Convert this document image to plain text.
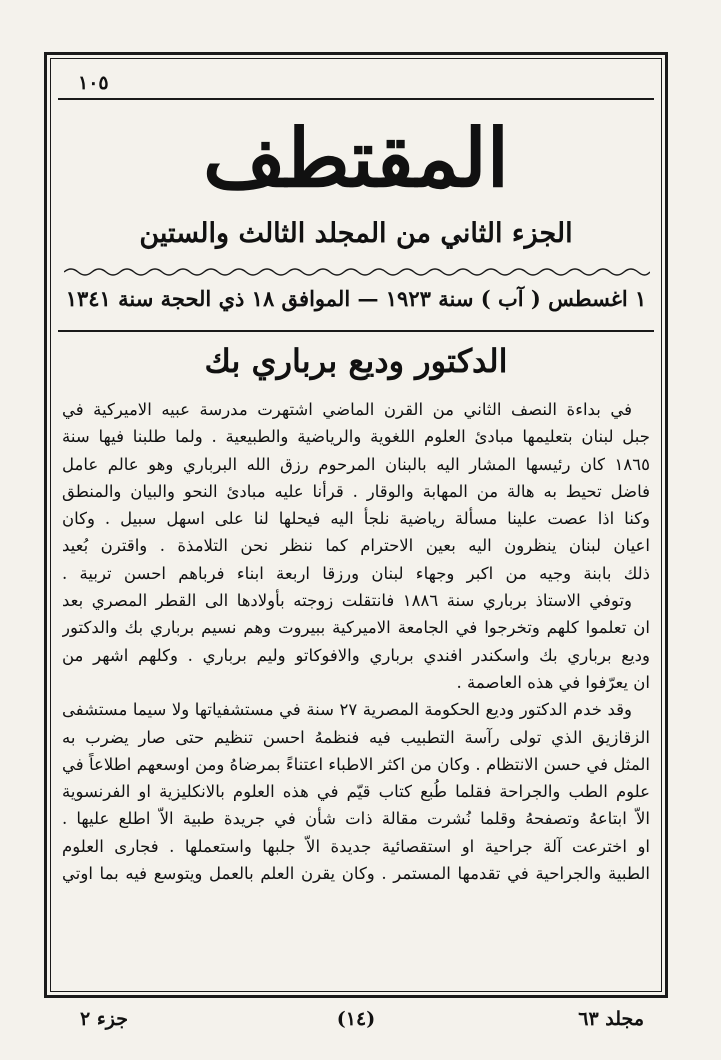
١٠٥
المقتطف
الجزء الثاني من المجلد الثالث والستين
١ اغسطس ( آب ) سنة ١٩٢٣ — الموافق ١٨ ذي الحجة سنة ١٣٤١
الدكتور وديع برباري بك
في بداءة النصف الثاني من القرن الماضي اشتهرت مدرسة عبيه الاميركية في
جبل لبنان بتعليمها مبادئ العلوم اللغوية والرياضية والطبيعية . ولما طلبنا فيها سنة
١٨٦٥ كان رئيسها المشار اليه بالبنان المرحوم رزق الله البرباري وهو عالم عامل
فاضل تحيط به هالة من المهابة والوقار . قرأنا عليه مبادئ النحو والبيان والمنطق
وكنا اذا عصت علينا مسألة رياضية نلجأ اليه فيحلها لنا على اسهل سبيل . وكان
اعيان لبنان ينظرون اليه بعين الاحترام كما ننظر نحن التلامذة . واقترن بُعيد
ذلك بابنة وجيه من اكبر وجهاء لبنان ورزقا اربعة ابناء فرباهم احسن تربية .
وتوفي الاستاذ برباري سنة ١٨٨٦ فانتقلت زوجته بأولادها الى القطر المصري بعد
ان تعلموا كلهم وتخرجوا في الجامعة الاميركية ببيروت وهم نسيم برباري بك والدكتور
وديع برباري بك واسكندر افندي برباري والافوكاتو وليم برباري . وكلهم اشهر من
ان يعرّفوا في هذه العاصمة .
وقد خدم الدكتور وديع الحكومة المصرية ٢٧ سنة في مستشفياتها ولا سيما مستشفى
الزقازيق الذي تولى رآسة التطبيب فيه فنظمهُ احسن تنظيم حتى صار يضرب به
المثل في حسن الانتظام . وكان من اكثر الاطباء اعتناءً بمرضاهُ ومن اوسعهم اطلاعاً في
علوم الطب والجراحة فقلما طُبع كتاب قيّم في هذه العلوم بالانكليزية او الفرنسوية
الاّ ابتاعهُ وتصفحهُ وقلما نُشرت مقالة ذات شأن في جريدة طبية الاّ اطلع عليها .
او اخترعت آلة جراحية او استقصائية جديدة الاّ جلبها واستعملها . فجارى العلوم
الطبية والجراحية في تقدمها المستمر . وكان يقرن العلم بالعمل ويتوسع فيه بما اوتي
مجلد ٦٣
(١٤)
جزء ٢
